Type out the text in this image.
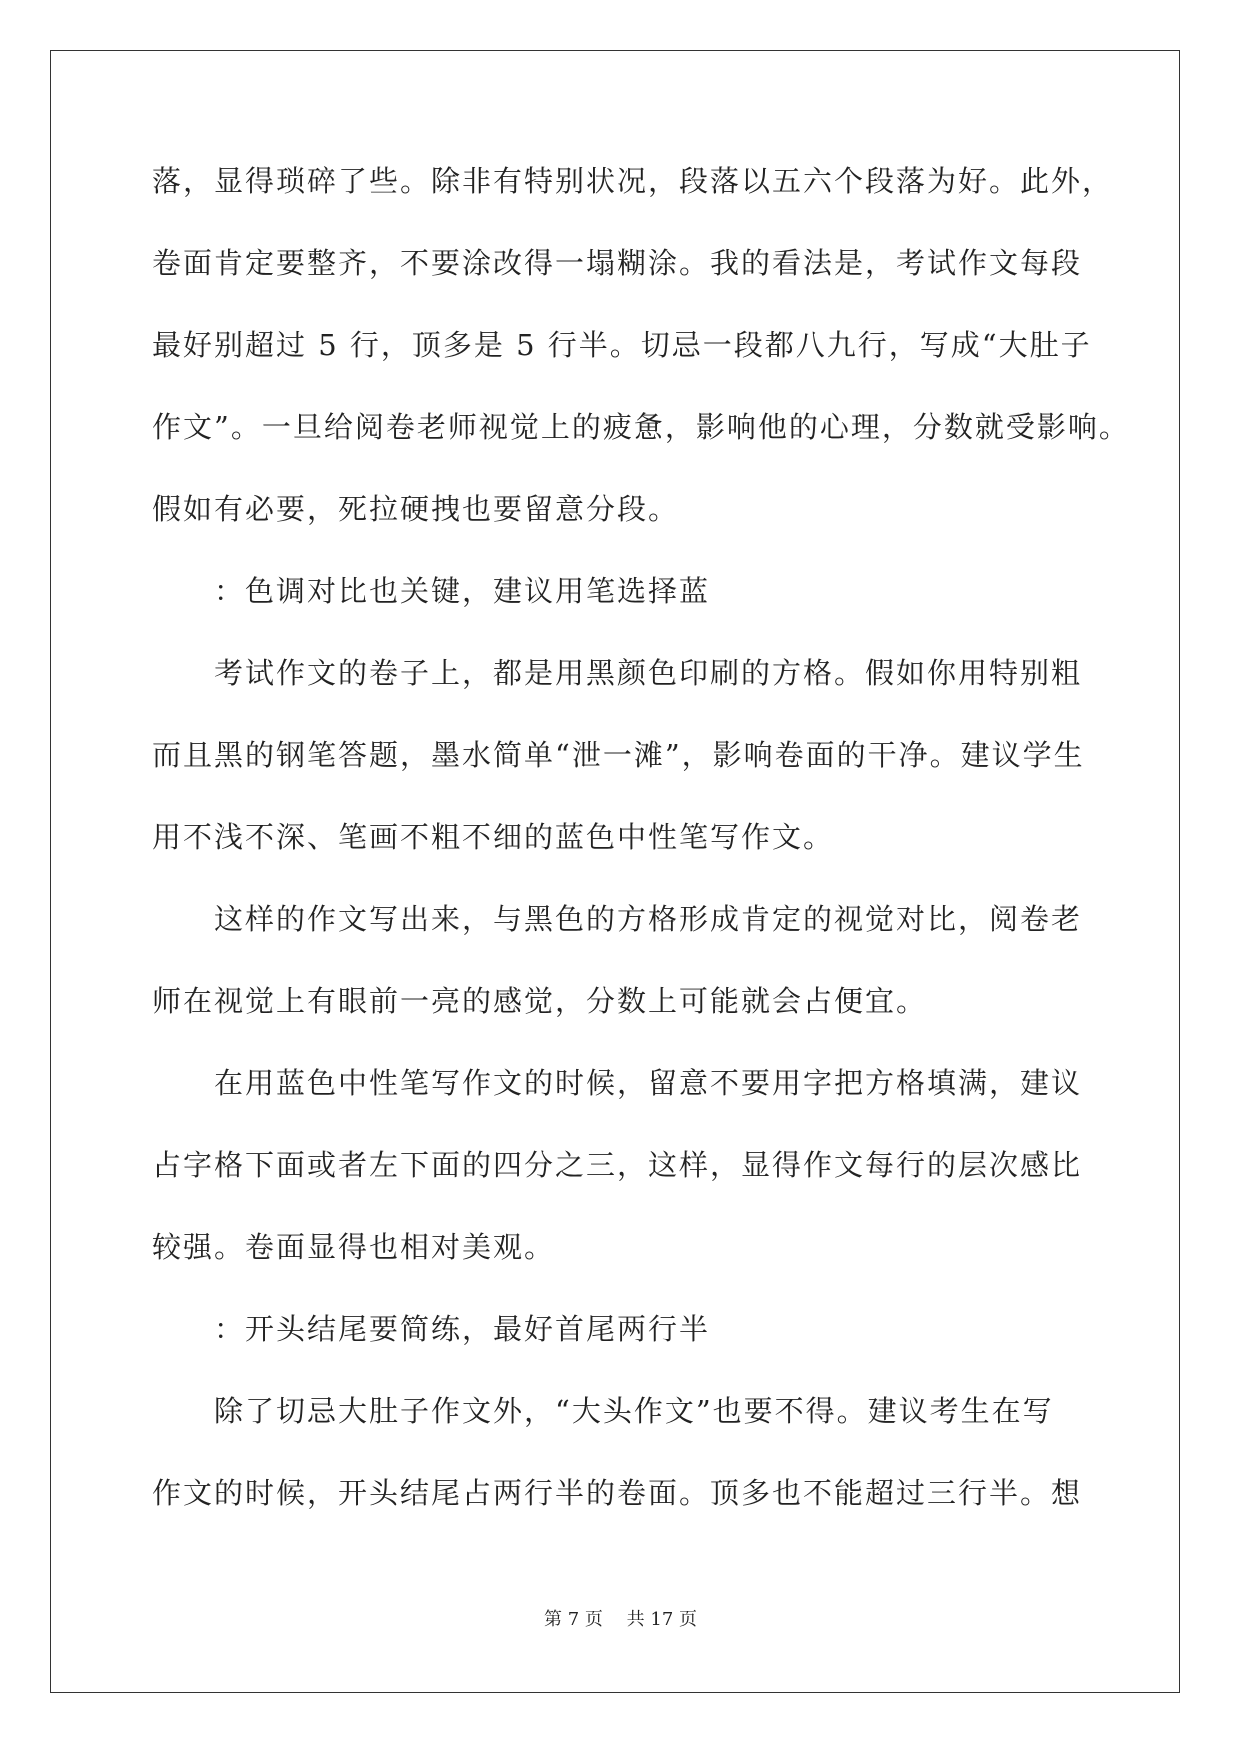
落，显得琐碎了些。除非有特别状况，段落以五六个段落为好。此外，
卷面肯定要整齐，不要涂改得一塌糊涂。我的看法是，考试作文每段
最好别超过 5 行，顶多是 5 行半。切忌一段都八九行，写成“大肚子
作文”。一旦给阅卷老师视觉上的疲惫，影响他的心理，分数就受影响。
假如有必要，死拉硬拽也要留意分段。
：色调对比也关键，建议用笔选择蓝
考试作文的卷子上，都是用黑颜色印刷的方格。假如你用特别粗
而且黑的钢笔答题，墨水简单“泄一滩”，影响卷面的干净。建议学生
用不浅不深、笔画不粗不细的蓝色中性笔写作文。
这样的作文写出来，与黑色的方格形成肯定的视觉对比，阅卷老
师在视觉上有眼前一亮的感觉，分数上可能就会占便宜。
在用蓝色中性笔写作文的时候，留意不要用字把方格填满，建议
占字格下面或者左下面的四分之三，这样，显得作文每行的层次感比
较强。卷面显得也相对美观。
：开头结尾要简练，最好首尾两行半
除了切忌大肚子作文外，“大头作文”也要不得。建议考生在写
作文的时候，开头结尾占两行半的卷面。顶多也不能超过三行半。想
第 7 页 共 17 页
